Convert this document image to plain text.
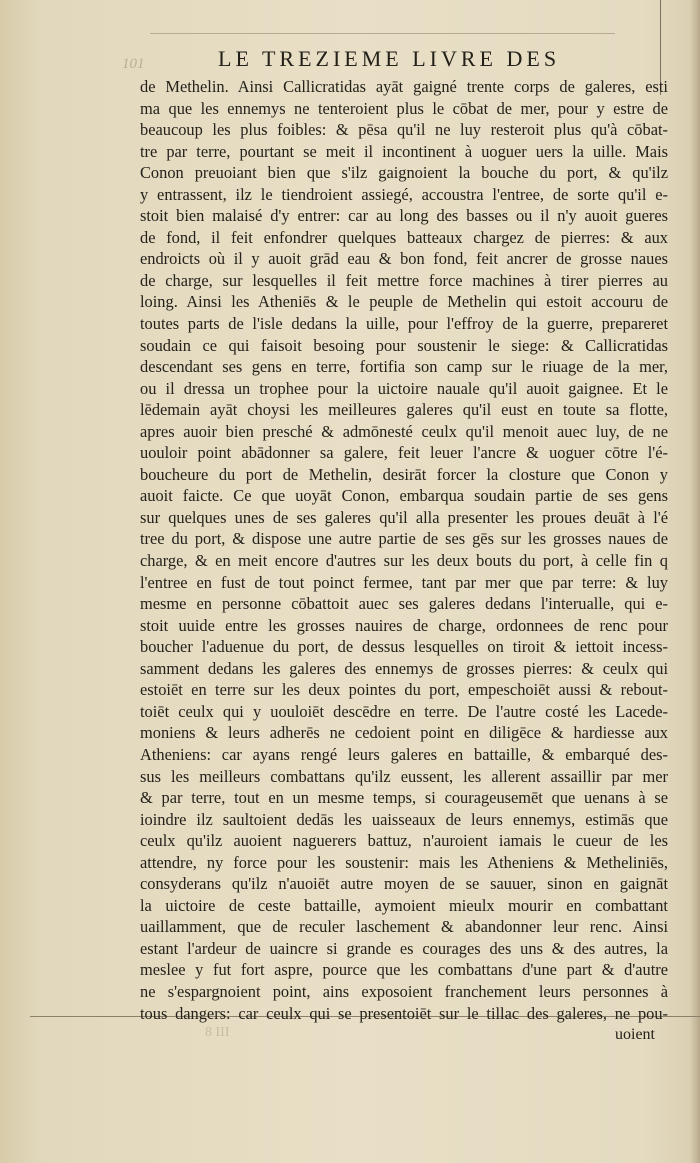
101	LE TREZIEME LIVRE DES
de Methelin. Ainsi Callicratidas ayāt gaigné trente corps de galeres, esti
ma que les ennemys ne tenteroient plus le cōbat de mer, pour y estre de
beaucoup les plus foibles: & pēsa qu'il ne luy resteroit plus qu'à cōbat-
tre par terre, pourtant se meit il incontinent à uoguer uers la uille. Mais
Conon preuoiant bien que s'ilz gaignoient la bouche du port, & qu'ilz
y entrassent, ilz le tiendroient assiegé, accoustra l'entree, de sorte qu'il e-
stoit bien malaisé d'y entrer: car au long des basses ou il n'y auoit gueres
de fond, il feit enfondrer quelques batteaux chargez de pierres: & aux
endroicts où il y auoit grād eau & bon fond, feit ancrer de grosse naues
de charge, sur lesquelles il feit mettre force machines à tirer pierres au
loing. Ainsi les Atheniēs & le peuple de Methelin qui estoit accouru de
toutes parts de l'isle dedans la uille, pour l'effroy de la guerre, prepareret
soudain ce qui faisoit besoing pour soustenir le siege: & Callicratidas
descendant ses gens en terre, fortifia son camp sur le riuage de la mer,
ou il dressa un trophee pour la uictoire nauale qu'il auoit gaignee. Et le
lēdemain ayāt choysi les meilleures galeres qu'il eust en toute sa flotte,
apres auoir bien presché & admōnesté ceulx qu'il menoit auec luy, de ne
uouloir point abādonner sa galere, feit leuer l'ancre & uoguer cōtre l'é-
boucheure du port de Methelin, desirāt forcer la closture que Conon y
auoit faicte. Ce que uoyāt Conon, embarqua soudain partie de ses gens
sur quelques unes de ses galeres qu'il alla presenter les proues deuāt à l'é
tree du port, & dispose une autre partie de ses gēs sur les grosses naues de
charge, & en meit encore d'autres sur les deux bouts du port, à celle fin q
l'entree en fust de tout poinct fermee, tant par mer que par terre: & luy
mesme en personne cōbattoit auec ses galeres dedans l'interualle, qui e-
stoit uuide entre les grosses nauires de charge, ordonnees de renc pour
boucher l'aduenue du port, de dessus lesquelles on tiroit & iettoit incess-
samment dedans les galeres des ennemys de grosses pierres: & ceulx qui
estoiēt en terre sur les deux pointes du port, empeschoiēt aussi & rebout-
toiēt ceulx qui y uouloiēt descēdre en terre. De l'autre costé les Lacede-
moniens & leurs adherēs ne cedoient point en diligēce & hardiesse aux
Atheniens: car ayans rengé leurs galeres en battaille, & embarqué des-
sus les meilleurs combattans qu'ilz eussent, les allerent assaillir par mer
& par terre, tout en un mesme temps, si courageusemēt que uenans à se
ioindre ilz saultoient dedās les uaisseaux de leurs ennemys, estimās que
ceulx qu'ilz auoient naguerers battuz, n'auroient iamais le cueur de les
attendre, ny force pour les soustenir: mais les Atheniens & Metheliniēs,
consyderans qu'ilz n'auoiēt autre moyen de se sauuer, sinon en gaignāt
la uictoire de ceste battaille, aymoient mieulx mourir en combattant
uaillamment, que de reculer laschement & abandonner leur renc. Ainsi
estant l'ardeur de uaincre si grande es courages des uns & des autres, la
meslee y fut fort aspre, pource que les combattans d'une part & d'autre
ne s'espargnoient point, ains exposoient franchement leurs personnes à
tous dangers: car ceulx qui se presentoiēt sur le tillac des galeres, ne pou-
8 III	uoient
